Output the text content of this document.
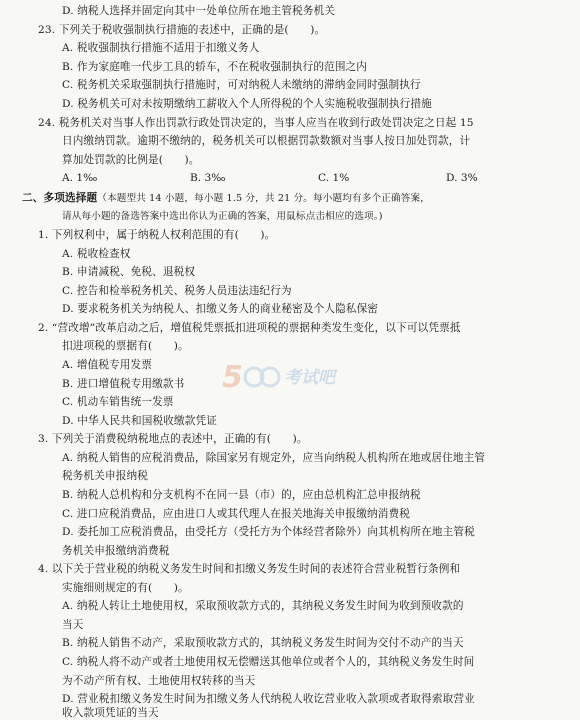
D. 纳税人选择并固定向其中一处单位所在地主管税务机关
23. 下列关于税收强制执行措施的表述中，正确的是(　　)。
A. 税收强制执行措施不适用于扣缴义务人
B. 作为家庭唯一代步工具的轿车，不在税收强制执行的范围之内
C. 税务机关采取强制执行措施时，可对纳税人未缴纳的滞纳金同时强制执行
D. 税务机关可对未按期缴纳工薪收入个人所得税的个人实施税收强制执行措施
24. 税务机关对当事人作出罚款行政处罚决定的，当事人应当在收到行政处罚决定之日起 15
日内缴纳罚款。逾期不缴纳的，税务机关可以根据罚款数额对当事人按日加处罚款，计
算加处罚款的比例是(　　)。
A. 1‰	B. 3‰	C. 1%	D. 3%
二、多项选择题（本题型共 14 小题，每小题 1.5 分，共 21 分。每小题均有多个正确答案，
请从每小题的备选答案中选出你认为正确的答案，用鼠标点击相应的选项。)
1. 下列权利中，属于纳税人权利范围的有(　　)。
A. 税收检查权
B. 申请减税、免税、退税权
C. 控告和检举税务机关、税务人员违法违纪行为
D. 要求税务机关为纳税人、扣缴义务人的商业秘密及个人隐私保密
2. “营改增”改革启动之后，增值税凭票抵扣进项税的票据种类发生变化，以下可以凭票抵
扣进项税的票据有(　　)。
A. 增值税专用发票
B. 进口增值税专用缴款书
C. 机动车销售统一发票
D. 中华人民共和国税收缴款凭证
3. 下列关于消费税纳税地点的表述中，正确的有(　　)。
A. 纳税人销售的应税消费品，除国家另有规定外，应当向纳税人机构所在地或居住地主管
税务机关申报纳税
B. 纳税人总机构和分支机构不在同一县（市）的，应由总机构汇总申报纳税
C. 进口应税消费品，应由进口人或其代理人在报关地海关申报缴纳消费税
D. 委托加工应税消费品，由受托方（受托方为个体经营者除外）向其机构所在地主管税
务机关申报缴纳消费税
4. 以下关于营业税的纳税义务发生时间和扣缴义务发生时间的表述符合营业税暂行条例和
实施细则规定的有(　　)。
A. 纳税人转让土地使用权，采取预收款方式的，其纳税义务发生时间为收到预收款的
当天
B. 纳税人销售不动产，采取预收款方式的，其纳税义务发生时间为交付不动产的当天
C. 纳税人将不动产或者土地使用权无偿赠送其他单位或者个人的，其纳税义务发生时间
为不动产所有权、土地使用权转移的当天
D. 营业税扣缴义务发生时间为扣缴义务人代纳税人收讫营业收入款项或者取得索取营业
收入款项凭证的当天
5 考试吧
